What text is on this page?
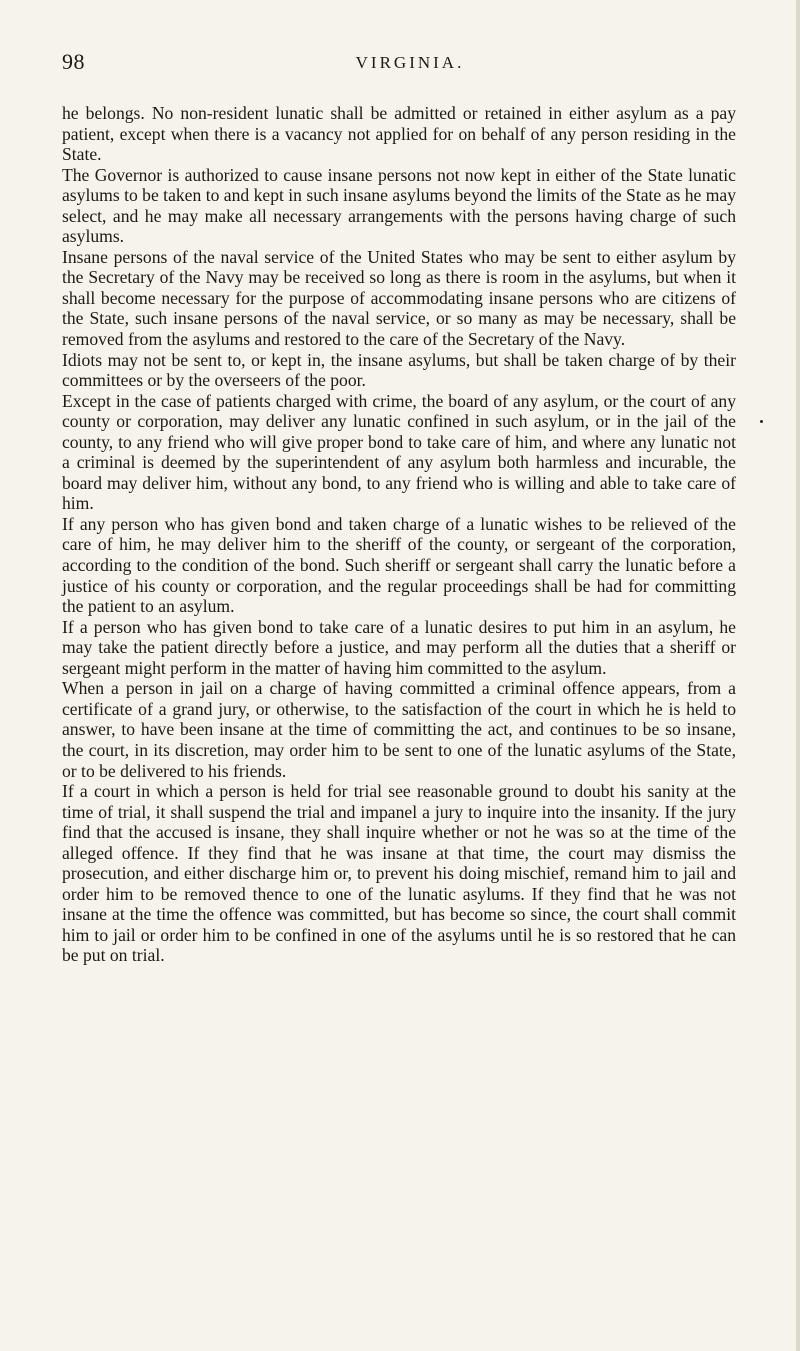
98	VIRGINIA.

he belongs. No non-resident lunatic shall be admitted or retained in either asylum as a pay patient, except when there is a vacancy not applied for on behalf of any person residing in the State.

The Governor is authorized to cause insane persons not now kept in either of the State lunatic asylums to be taken to and kept in such insane asylums beyond the limits of the State as he may select, and he may make all necessary arrangements with the persons having charge of such asylums.

Insane persons of the naval service of the United States who may be sent to either asylum by the Secretary of the Navy may be received so long as there is room in the asylums, but when it shall become necessary for the purpose of accommodating insane persons who are citizens of the State, such insane persons of the naval service, or so many as may be necessary, shall be removed from the asylums and restored to the care of the Secretary of the Navy.

Idiots may not be sent to, or kept in, the insane asylums, but shall be taken charge of by their committees or by the overseers of the poor.

Except in the case of patients charged with crime, the board of any asylum, or the court of any county or corporation, may deliver any lunatic confined in such asylum, or in the jail of the county, to any friend who will give proper bond to take care of him, and where any lunatic not a criminal is deemed by the superintendent of any asylum both harmless and incurable, the board may deliver him, without any bond, to any friend who is willing and able to take care of him.

If any person who has given bond and taken charge of a lunatic wishes to be relieved of the care of him, he may deliver him to the sheriff of the county, or sergeant of the corporation, according to the condition of the bond. Such sheriff or sergeant shall carry the lunatic before a justice of his county or corporation, and the regular proceedings shall be had for committing the patient to an asylum.

If a person who has given bond to take care of a lunatic desires to put him in an asylum, he may take the patient directly before a justice, and may perform all the duties that a sheriff or sergeant might perform in the matter of having him committed to the asylum.

When a person in jail on a charge of having committed a criminal offence appears, from a certificate of a grand jury, or otherwise, to the satisfaction of the court in which he is held to answer, to have been insane at the time of committing the act, and continues to be so insane, the court, in its discretion, may order him to be sent to one of the lunatic asylums of the State, or to be delivered to his friends.

If a court in which a person is held for trial see reasonable ground to doubt his sanity at the time of trial, it shall suspend the trial and impanel a jury to inquire into the insanity. If the jury find that the accused is insane, they shall inquire whether or not he was so at the time of the alleged offence. If they find that he was insane at that time, the court may dismiss the prosecution, and either discharge him or, to prevent his doing mischief, remand him to jail and order him to be removed thence to one of the lunatic asylums. If they find that he was not insane at the time the offence was committed, but has become so since, the court shall commit him to jail or order him to be confined in one of the asylums until he is so restored that he can be put on trial.
